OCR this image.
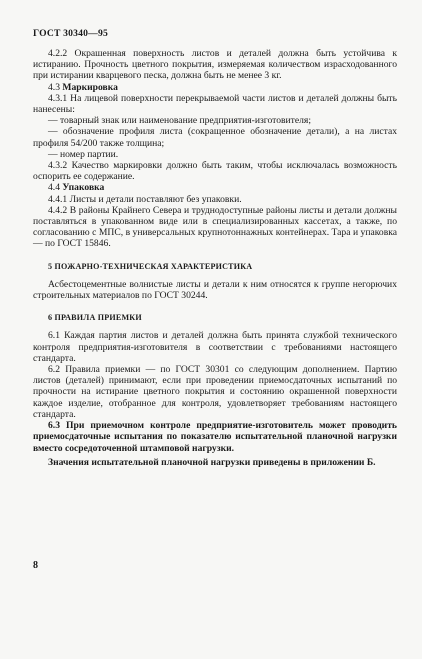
ГОСТ 30340—95

4.2.2 Окрашенная поверхность листов и деталей должна быть устойчива к истиранию. Прочность цветного покрытия, измеряемая количеством израсходованного при истирании кварцевого песка, должна быть не менее 3 кг.

4.3 Маркировка

4.3.1 На лицевой поверхности перекрываемой части листов и деталей должны быть нанесены:

— товарный знак или наименование предприятия-изготовителя;

— обозначение профиля листа (сокращенное обозначение детали), а на листах профиля 54/200 также толщина;

— номер партии.

4.3.2 Качество маркировки должно быть таким, чтобы исключалась возможность оспорить ее содержание.

4.4 Упаковка

4.4.1 Листы и детали поставляют без упаковки.

4.4.2 В районы Крайнего Севера и труднодоступные районы листы и детали должны поставляться в упакованном виде или в специализированных кассетах, а также, по согласованию с МПС, в универсальных крупнотоннажных контейнерах. Тара и упаковка — по ГОСТ 15846.

5 ПОЖАРНО-ТЕХНИЧЕСКАЯ ХАРАКТЕРИСТИКА

Асбестоцементные волнистые листы и детали к ним относятся к группе негорючих строительных материалов по ГОСТ 30244.

6 ПРАВИЛА ПРИЕМКИ

6.1 Каждая партия листов и деталей должна быть принята службой технического контроля предприятия-изготовителя в соответствии с требованиями настоящего стандарта.

6.2 Правила приемки — по ГОСТ 30301 со следующим дополнением. Партию листов (деталей) принимают, если при проведении приемосдаточных испытаний по прочности на истирание цветного покрытия и состоянию окрашенной поверхности каждое изделие, отобранное для контроля, удовлетворяет требованиям настоящего стандарта.

6.3 При приемочном контроле предприятие-изготовитель может проводить приемосдаточные испытания по показателю испытательной планочной нагрузки вместо сосредоточенной штамповой нагрузки.

Значения испытательной планочной нагрузки приведены в приложении Б.

8
